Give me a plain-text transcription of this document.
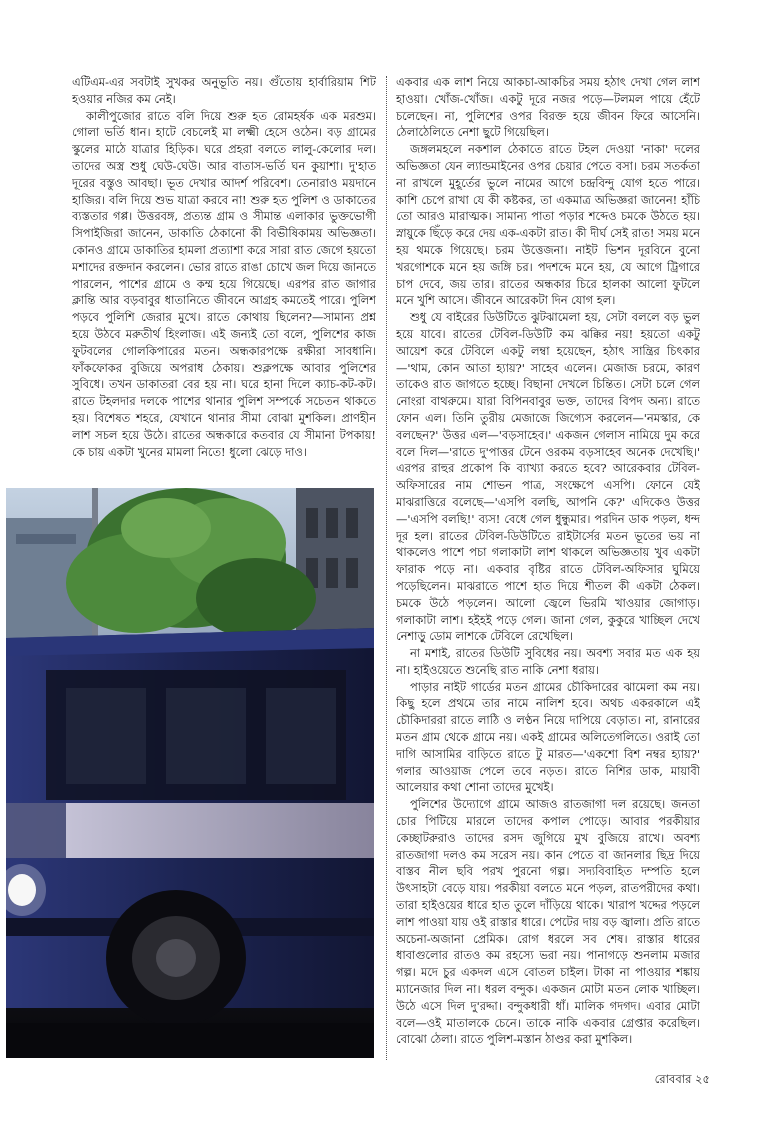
এটিএম-এর সবটাই সুখকর অনুভূতি নয়। গুঁতোয় হার্বারিয়াম শিট হওয়ার নজির কম নেই।

কালীপুজোর রাতে বলি দিয়ে শুরু হত রোমহর্ষক এক মরশুম। গোলা ভর্তি ধান। হাটে বেচলেই মা লক্ষ্মী হেসে ওঠেন। বড় গ্রামের স্কুলের মাঠে যাত্রার হিড়িক। ঘরে প্রহরা বলতে লালু-কেলোর দল। তাদের অস্ত্র শুধু ঘেউ-ঘেউ। আর বাতাস-ভর্তি ঘন কুয়াশা। দু'হাত দূরের বস্তুও আবছা। ভূত দেখার আদর্শ পরিবেশ। তেনারাও ময়দানে হাজির। বলি দিয়ে শুভ যাত্রা করবে না! শুরু হত পুলিশ ও ডাকাতের ব্যস্ততার গপ্প। উত্তরবঙ্গ, প্রত্যন্ত গ্রাম ও সীমান্ত এলাকার ভুক্তভোগী সিপাইজিরা জানেন, ডাকাতি ঠেকানো কী বিভীষিকাময় অভিজ্ঞতা। কোনও গ্রামে ডাকাতির হামলা প্রত্যাশা করে সারা রাত জেগে হয়তো মশাদের রক্তদান করলেন। ভোর রাতে রাঙা চোখে জল দিয়ে জানতে পারলেন, পাশের গ্রামে ও কম্ম হয়ে গিয়েছে। এরপর রাত জাগার ক্লান্তি আর বড়বাবুর ধাতানিতে জীবনে আগ্রহ কমতেই পারে। পুলিশ পড়বে পুলিশি জেরার মুখে। রাতে কোথায় ছিলেন?—সামান্য প্রশ্ন হয়ে উঠবে মরুতীর্থ হিংলাজ। এই জন্যই তো বলে, পুলিশের কাজ ফুটবলের গোলকিপারের মতন। অন্ধকারপক্ষে রক্ষীরা সাবধানি। ফাঁকফোকর বুজিয়ে অপরাধ ঠেকায়। শুক্লপক্ষে আবার পুলিশের সুবিধে। তখন ডাকাতরা বের হয় না। ঘরে হানা দিলে ক্যাচ-কট-কট। রাতে টহলদার দলকে পাশের থানার পুলিশ সম্পর্কে সচেতন থাকতে হয়। বিশেষত শহরে, যেখানে থানার সীমা বোঝা মুশকিল। প্রাণহীন লাশ সচল হয়ে উঠে। রাতের অন্ধকারে কতবার যে সীমানা টপকায়! কে চায় একটা খুনের মামলা নিতে! ধুলো ঝেড়ে দাও।

একবার এক লাশ নিয়ে আকচা-আকচির সময় হঠাৎ দেখা গেল লাশ হাওয়া। খোঁজ-খোঁজ। একটু দূরে নজর পড়ে—টলমল পায়ে হেঁটে চলেছেন। না, পুলিশের ওপর বিরক্ত হয়ে জীবন ফিরে আসেনি। ঠেলাঠেলিতে নেশা ছুটে গিয়েছিল।

জঙ্গলমহলে নকশাল ঠেকাতে রাতে টহল দেওয়া 'নাকা' দলের অভিজ্ঞতা যেন ল্যান্ডমাইনের ওপর চেয়ার পেতে বসা। চরম সতর্কতা না রাখলে মুহূর্তের ভুলে নামের আগে চন্দ্রবিন্দু যোগ হতে পারে। কাশি চেপে রাখা যে কী কষ্টকর, তা একমাত্র অভিজ্ঞরা জানেন! হাঁচি তো আরও মারাত্মক। সামান্য পাতা পড়ার শব্দেও চমকে উঠতে হয়। স্নায়ুকে ছিঁড়ে করে দেয় এক-একটা রাত। কী দীর্ঘ সেই রাত! সময় মনে হয় থমকে গিয়েছে। চরম উত্তেজনা। নাইট ভিশন দূরবিনে বুনো খরগোশকে মনে হয় জঙ্গি চর। পদশব্দে মনে হয়, যে আগে ট্রিগারে চাপ দেবে, জয় তার। রাতের অন্ধকার চিরে হালকা আলো ফুটলে মনে খুশি আসে। জীবনে আরেকটা দিন যোগ হল।

শুধু যে বাইরের ডিউটিতে ঝুটঝামেলা হয়, সেটা বললে বড় ভুল হয়ে যাবে। রাতের টেবিল-ডিউটি কম ঝক্কির নয়! হয়তো একটু আয়েশ করে টেবিলে একটু লম্বা হয়েছেন, হঠাৎ সান্ত্রির চিৎকার—'থাম, কোন আতা হ্যায়?' সাহেব এলেন। মেজাজ চরমে, কারণ তাকেও রাত জাগতে হচ্ছে। বিছানা দেখলে চিন্তিত। সেটা চলে গেল নোংরা বাথরুমে। যারা বিপিনবাবুর ভক্ত, তাদের বিপদ অন্য। রাতে ফোন এল। তিনি তুরীয় মেজাজে জিগ্যেস করলেন—'নমস্কার, কে বলছেন?' উত্তর এল—'বড়সাহেব।' একজন গেলাস নামিয়ে দুম করে বলে দিল—'রাতে দু'পাত্তর টেনে ওরকম বড়সাহেব অনেক দেখেছি।' এরপর রাহুর প্রকোপ কি ব্যাখ্যা করতে হবে? আরেকবার টেবিল-অফিসারের নাম শোভন পাত্র, সংক্ষেপে এসপি। ফোনে যেই মাঝরাত্তিরে বলেছে—'এসপি বলছি, আপনি কে?' এদিকেও উত্তর—'এসপি বলছি!' ব্যস! বেধে গেল ধুন্ধুমার। পরদিন ডাক পড়ল, ধন্দ দূর হল। রাতের টেবিল-ডিউটিতে রাইটার্সের মতন ভূতের ভয় না থাকলেও পাশে পচা গলাকাটা লাশ থাকলে অভিজ্ঞতায় খুব একটা ফারাক পড়ে না। একবার বৃষ্টির রাতে টেবিল-অফিসার ঘুমিয়ে পড়েছিলেন। মাঝরাতে পাশে হাত দিয়ে শীতল কী একটা ঠেকল। চমকে উঠে পড়লেন। আলো জ্বেলে ভিরমি খাওয়ার জোগাড়। গলাকাটা লাশ। হইহই পড়ে গেল। জানা গেল, কুকুরে খাচ্ছিল দেখে নেশাড়ু ডোম লাশকে টেবিলে রেখেছিল।

না মশাই, রাতের ডিউটি সুবিধের নয়। অবশ্য সবার মত এক হয় না। হাইওয়েতে শুনেছি রাত নাকি নেশা ধরায়।

পাড়ার নাইট গার্ডের মতন গ্রামের চৌকিদারের ঝামেলা কম নয়। কিছু হলে প্রথমে তার নামে নালিশ হবে। অথচ একরকালে এই চৌকিদাররা রাতে লাঠি ও লণ্ঠন নিয়ে দাপিয়ে বেড়াত। না, রানারের মতন গ্রাম থেকে গ্রামে নয়। একই গ্রামের অলিতেগলিতে। ওরাই তো দাগি আসামির বাড়িতে রাতে টু মারত—'একশো বিশ নম্বর হ্যায়?' গলার আওয়াজ পেলে তবে নড়ত। রাতে নিশির ডাক, মায়াবী আলেয়ার কথা শোনা তাদের মুখেই।

পুলিশের উদ্যোগে গ্রামে আজও রাতজাগা দল রয়েছে। জনতা চোর পিটিয়ে মারলে তাদের কপাল পোড়ে। আবার পরকীয়ার কেচ্ছাটরুরাও তাদের রসদ জুগিয়ে মুখ বুজিয়ে রাখে। অবশ্য রাতজাগা দলও কম সরেস নয়। কান পেতে বা জানলার ছিদ্র দিয়ে বাস্তব নীল ছবি পরখ পুরনো গল্প। সদ্যবিবাহিত দম্পতি হলে উৎসাহটা বেড়ে যায়। পরকীয়া বলতে মনে পড়ল, রাতপরীদের কথা। তারা হাইওয়ের ধারে হাত তুলে দাঁড়িয়ে থাকে। খারাপ খদ্দের পড়লে লাশ পাওয়া যায় ওই রাস্তার ধারে। পেটের দায় বড় জ্বালা। প্রতি রাতে অচেনা-অজানা প্রেমিক। রোগ ধরলে সব শেষ। রাস্তার ধারের ধাবাগুলোর রাতও কম রহস্যে ভরা নয়। পানাগড়ে শুনলাম মজার গল্প। মদে চুর একদল এসে বোতল চাইল। টাকা না পাওয়ার শঙ্কায় ম্যানেজার দিল না। ধরল বন্দুক। একজন মোটা মতন লোক খাচ্ছিল। উঠে এসে দিল দু'রদ্দা। বন্দুকধারী ধাঁ। মালিক গদগদ। এবার মোটা বলে—ওই মাতালকে চেনে। তাকে নাকি একবার গ্রেপ্তার করেছিল। বোঝো ঠেলা। রাতে পুলিশ-মস্তান ঠাণ্ডর করা মুশকিল।

রোববার ২৫
